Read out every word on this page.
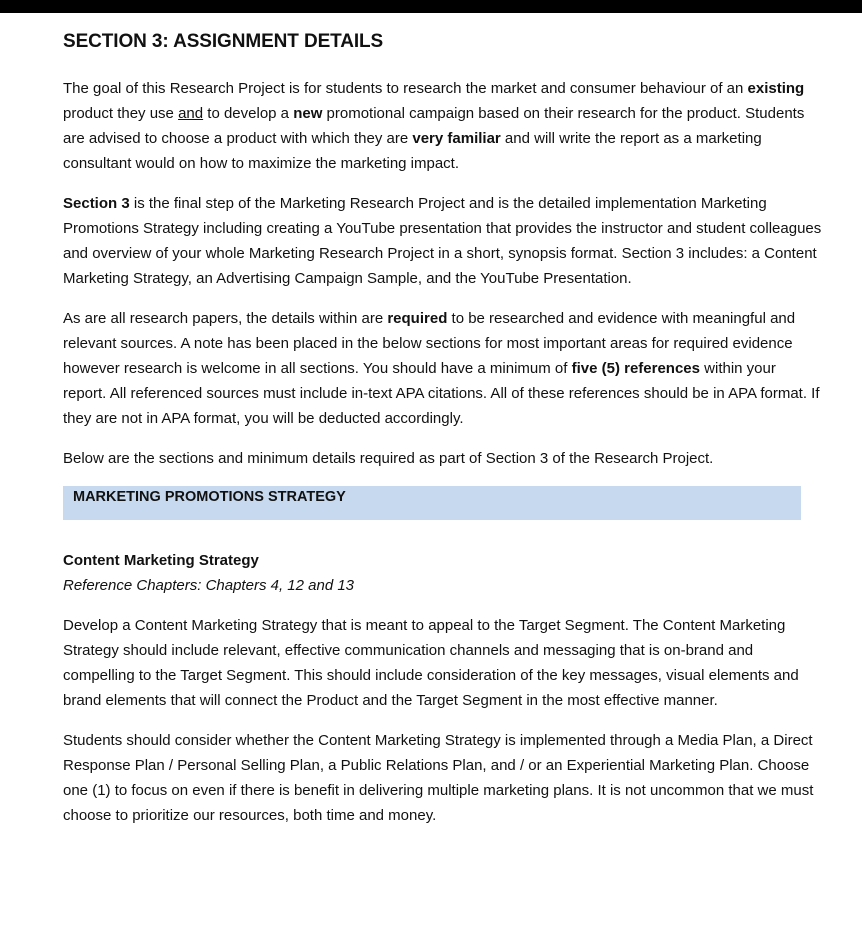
SECTION 3: ASSIGNMENT DETAILS

The goal of this Research Project is for students to research the market and consumer behaviour of an existing product they use and to develop a new promotional campaign based on their research for the product. Students are advised to choose a product with which they are very familiar and will write the report as a marketing consultant would on how to maximize the marketing impact.

Section 3 is the final step of the Marketing Research Project and is the detailed implementation Marketing Promotions Strategy including creating a YouTube presentation that provides the instructor and student colleagues and overview of your whole Marketing Research Project in a short, synopsis format. Section 3 includes: a Content Marketing Strategy, an Advertising Campaign Sample, and the YouTube Presentation.

As are all research papers, the details within are required to be researched and evidence with meaningful and relevant sources. A note has been placed in the below sections for most important areas for required evidence however research is welcome in all sections. You should have a minimum of five (5) references within your report. All referenced sources must include in-text APA citations. All of these references should be in APA format. If they are not in APA format, you will be deducted accordingly.

Below are the sections and minimum details required as part of Section 3 of the Research Project.

MARKETING PROMOTIONS STRATEGY
Content Marketing Strategy
Reference Chapters: Chapters 4, 12 and 13

Develop a Content Marketing Strategy that is meant to appeal to the Target Segment. The Content Marketing Strategy should include relevant, effective communication channels and messaging that is on-brand and compelling to the Target Segment. This should include consideration of the key messages, visual elements and brand elements that will connect the Product and the Target Segment in the most effective manner.

Students should consider whether the Content Marketing Strategy is implemented through a Media Plan, a Direct Response Plan / Personal Selling Plan, a Public Relations Plan, and / or an Experiential Marketing Plan. Choose one (1) to focus on even if there is benefit in delivering multiple marketing plans. It is not uncommon that we must choose to prioritize our resources, both time and money.
